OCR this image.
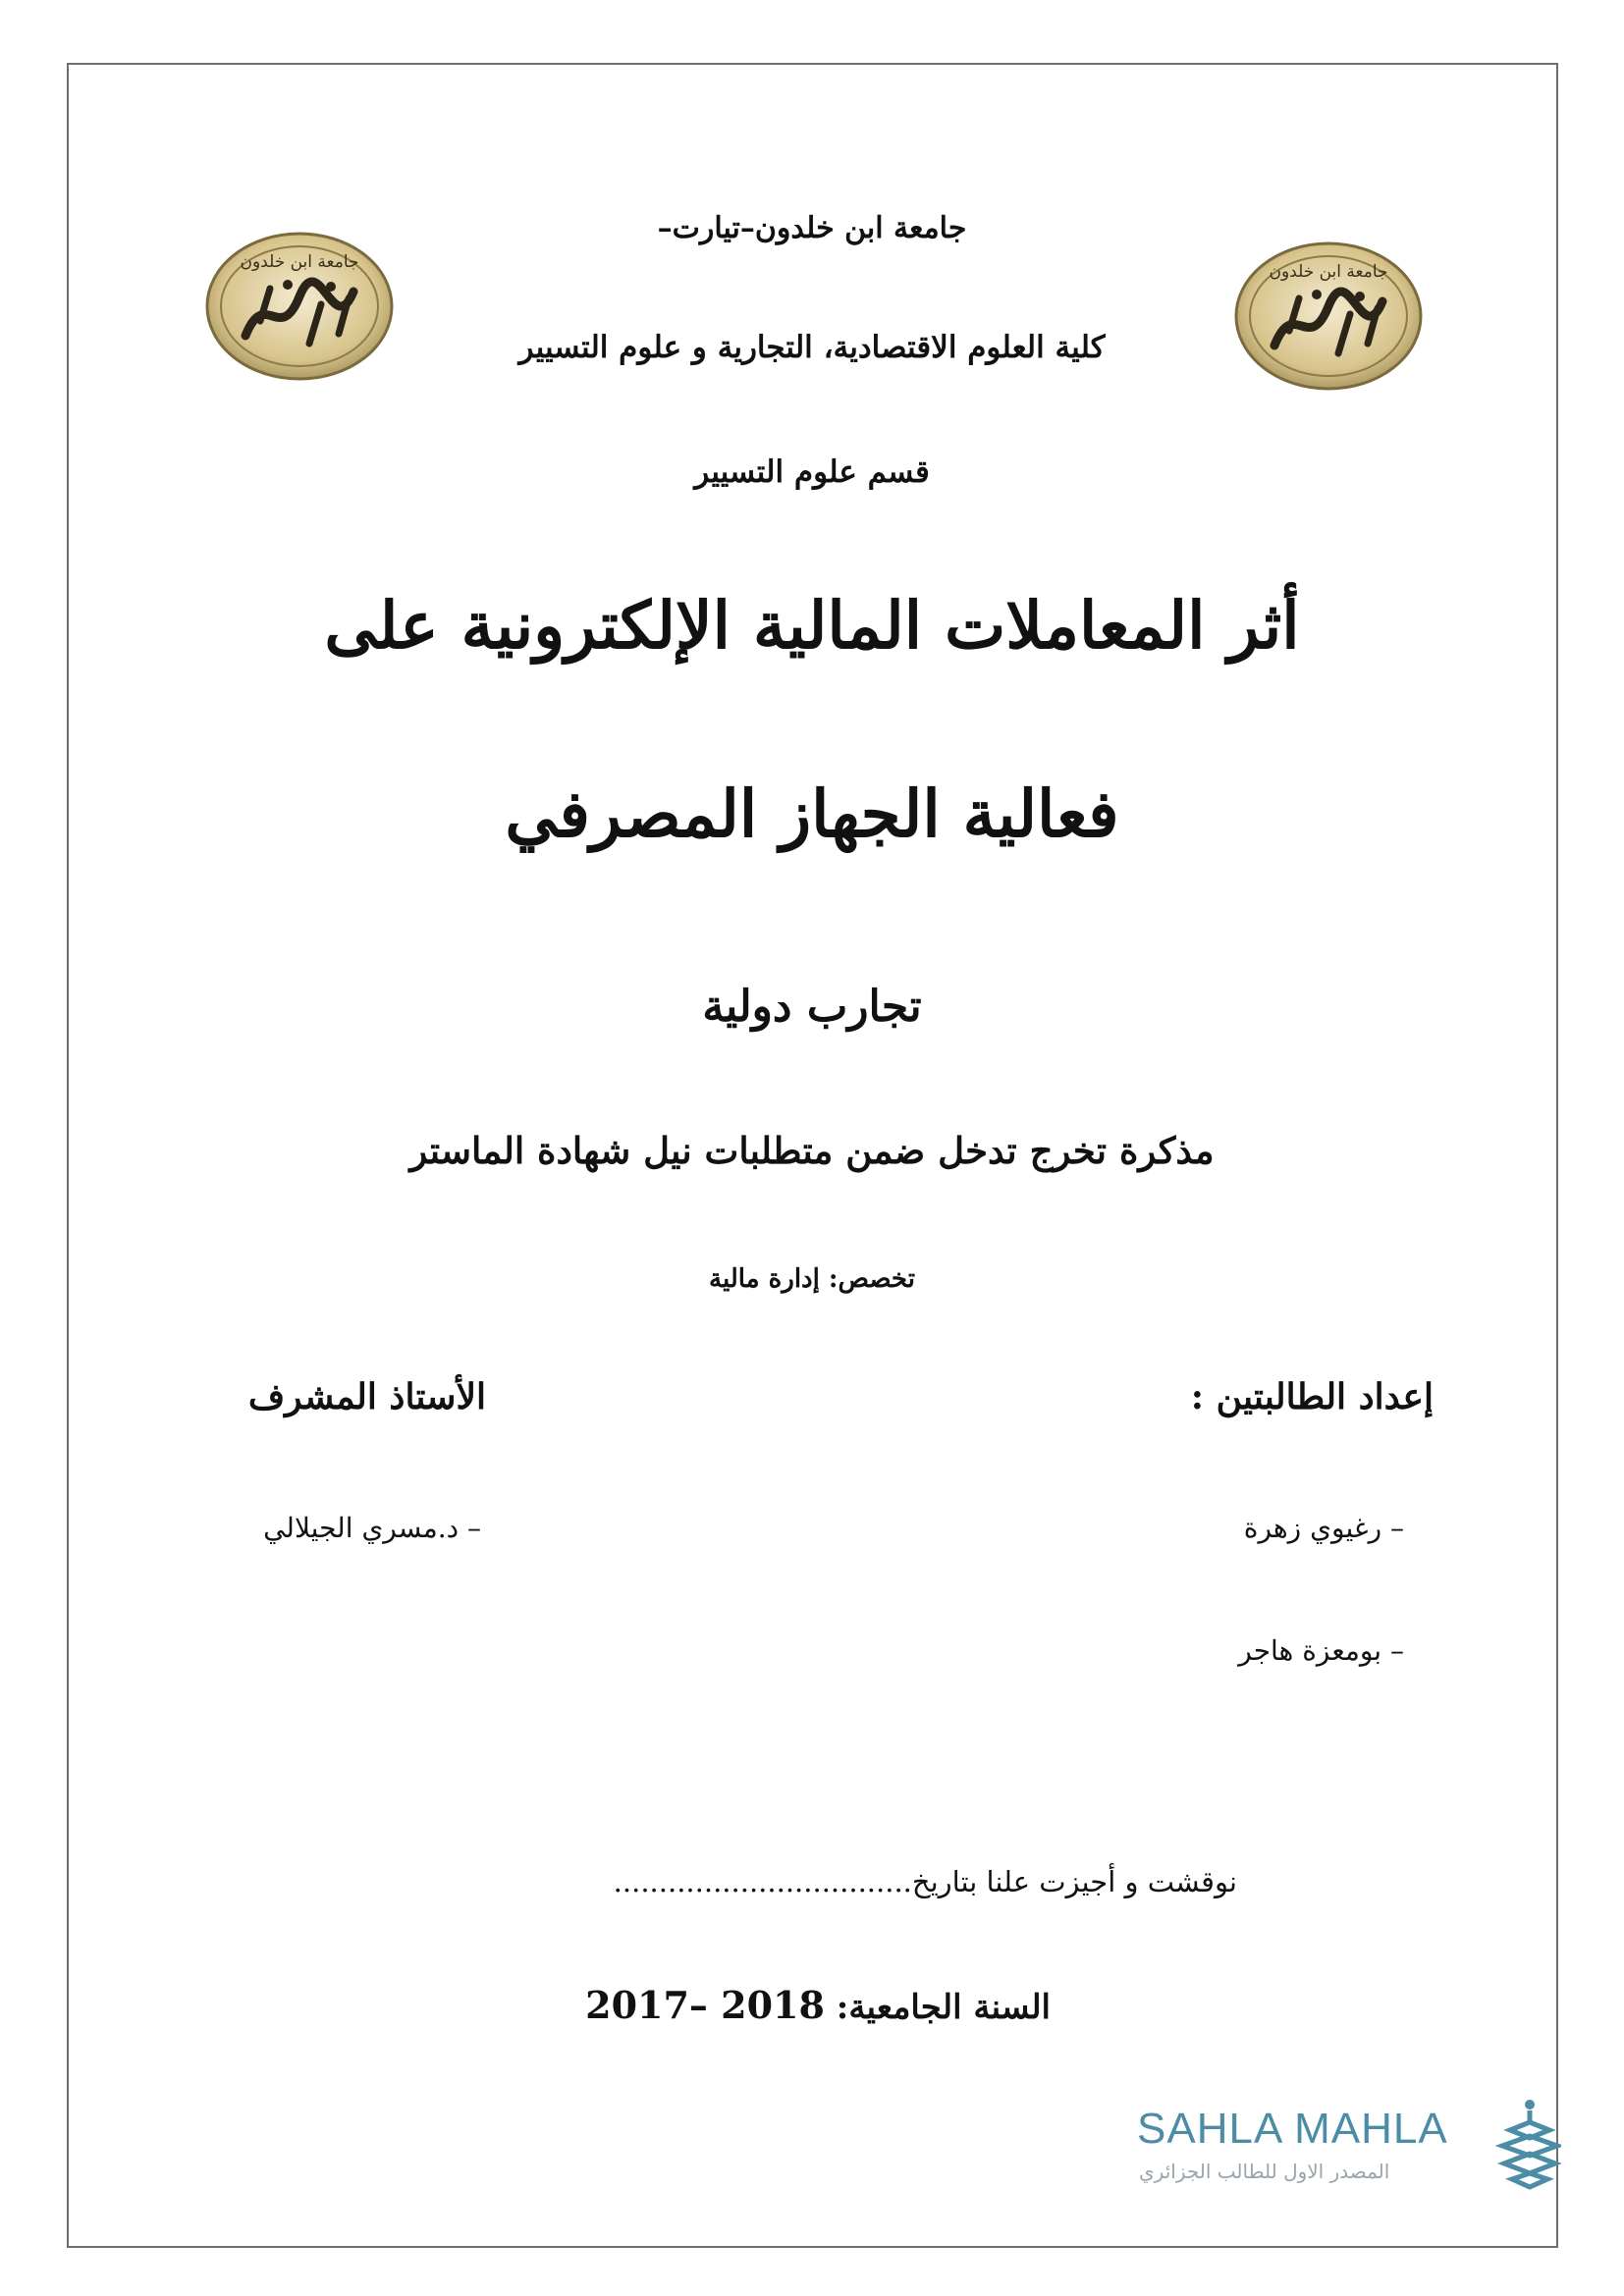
جامعة ابن خلدون	جامعة ابن خلدون
جامعة ابن خلدون–تيارت–
كلية العلوم الاقتصادية، التجارية و علوم التسيير
قسم علوم التسيير
أثر المعاملات المالية الإلكترونية على
فعالية الجهاز المصرفي
تجارب دولية
مذكرة تخرج تدخل ضمن متطلبات نيل شهادة الماستر
تخصص: إدارة مالية
إعداد الطالبتين :
الأستاذ المشرف
– رغيوي زهرة
– بومعزة هاجر
– د.مسري الجيلالي
نوقشت و أجيزت علنا بتاريخ.................................
السنة الجامعية: 2017– 2018
SAHLA MAHLA
المصدر الاول للطالب الجزائري
